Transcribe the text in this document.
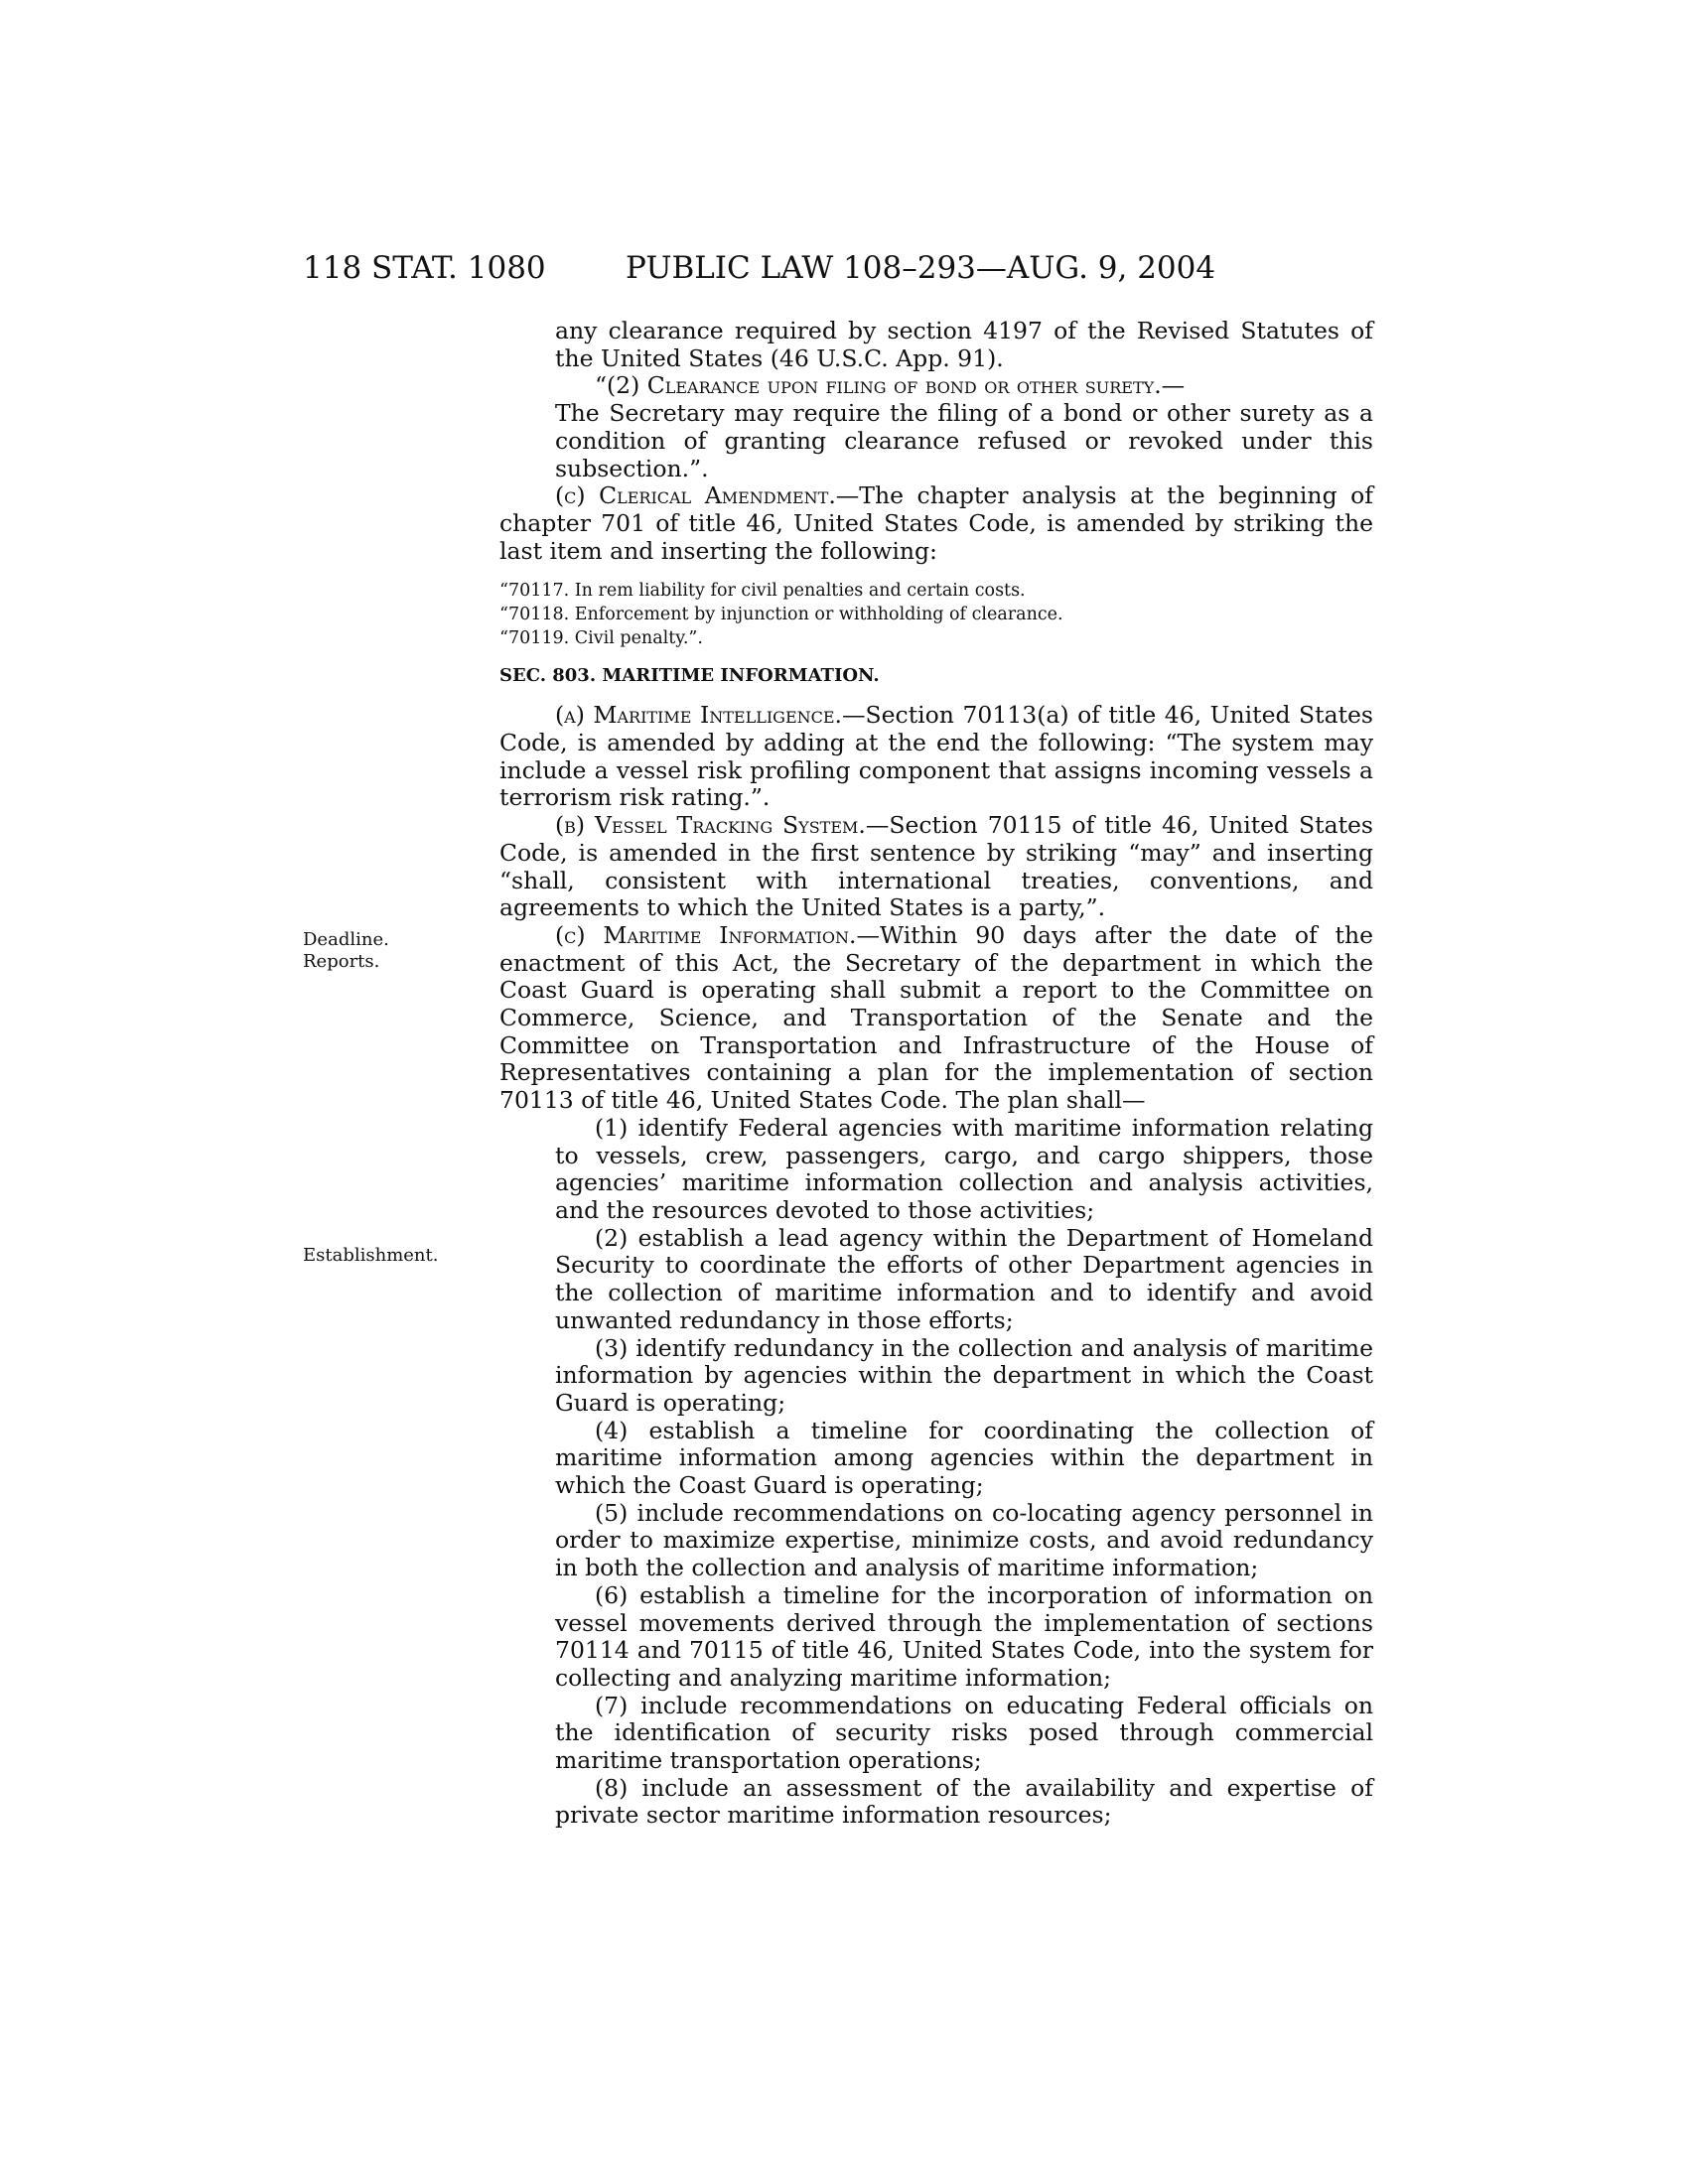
118 STAT. 1080	PUBLIC LAW 108–293—AUG. 9, 2004
Deadline.
Reports.
Establishment.

any clearance required by section 4197 of the Revised Statutes of the United States (46 U.S.C. App. 91).

“(2) Clearance upon filing of bond or other surety.—

The Secretary may require the filing of a bond or other surety as a condition of granting clearance refused or revoked under this subsection.”.

(c) Clerical Amendment.—The chapter analysis at the beginning of chapter 701 of title 46, United States Code, is amended by striking the last item and inserting the following:

“70117. In rem liability for civil penalties and certain costs.
“70118. Enforcement by injunction or withholding of clearance.
“70119. Civil penalty.”.

SEC. 803. MARITIME INFORMATION.

(a) Maritime Intelligence.—Section 70113(a) of title 46, United States Code, is amended by adding at the end the following: “The system may include a vessel risk profiling component that assigns incoming vessels a terrorism risk rating.”.

(b) Vessel Tracking System.—Section 70115 of title 46, United States Code, is amended in the first sentence by striking “may” and inserting “shall, consistent with international treaties, conventions, and agreements to which the United States is a party,”.

(c) Maritime Information.—Within 90 days after the date of the enactment of this Act, the Secretary of the department in which the Coast Guard is operating shall submit a report to the Committee on Commerce, Science, and Transportation of the Senate and the Committee on Transportation and Infrastructure of the House of Representatives containing a plan for the implementation of section 70113 of title 46, United States Code. The plan shall—

(1) identify Federal agencies with maritime information relating to vessels, crew, passengers, cargo, and cargo shippers, those agencies’ maritime information collection and analysis activities, and the resources devoted to those activities;

(2) establish a lead agency within the Department of Homeland Security to coordinate the efforts of other Department agencies in the collection of maritime information and to identify and avoid unwanted redundancy in those efforts;

(3) identify redundancy in the collection and analysis of maritime information by agencies within the department in which the Coast Guard is operating;

(4) establish a timeline for coordinating the collection of maritime information among agencies within the department in which the Coast Guard is operating;

(5) include recommendations on co-locating agency personnel in order to maximize expertise, minimize costs, and avoid redundancy in both the collection and analysis of maritime information;

(6) establish a timeline for the incorporation of information on vessel movements derived through the implementation of sections 70114 and 70115 of title 46, United States Code, into the system for collecting and analyzing maritime information;

(7) include recommendations on educating Federal officials on the identification of security risks posed through commercial maritime transportation operations;

(8) include an assessment of the availability and expertise of private sector maritime information resources;
